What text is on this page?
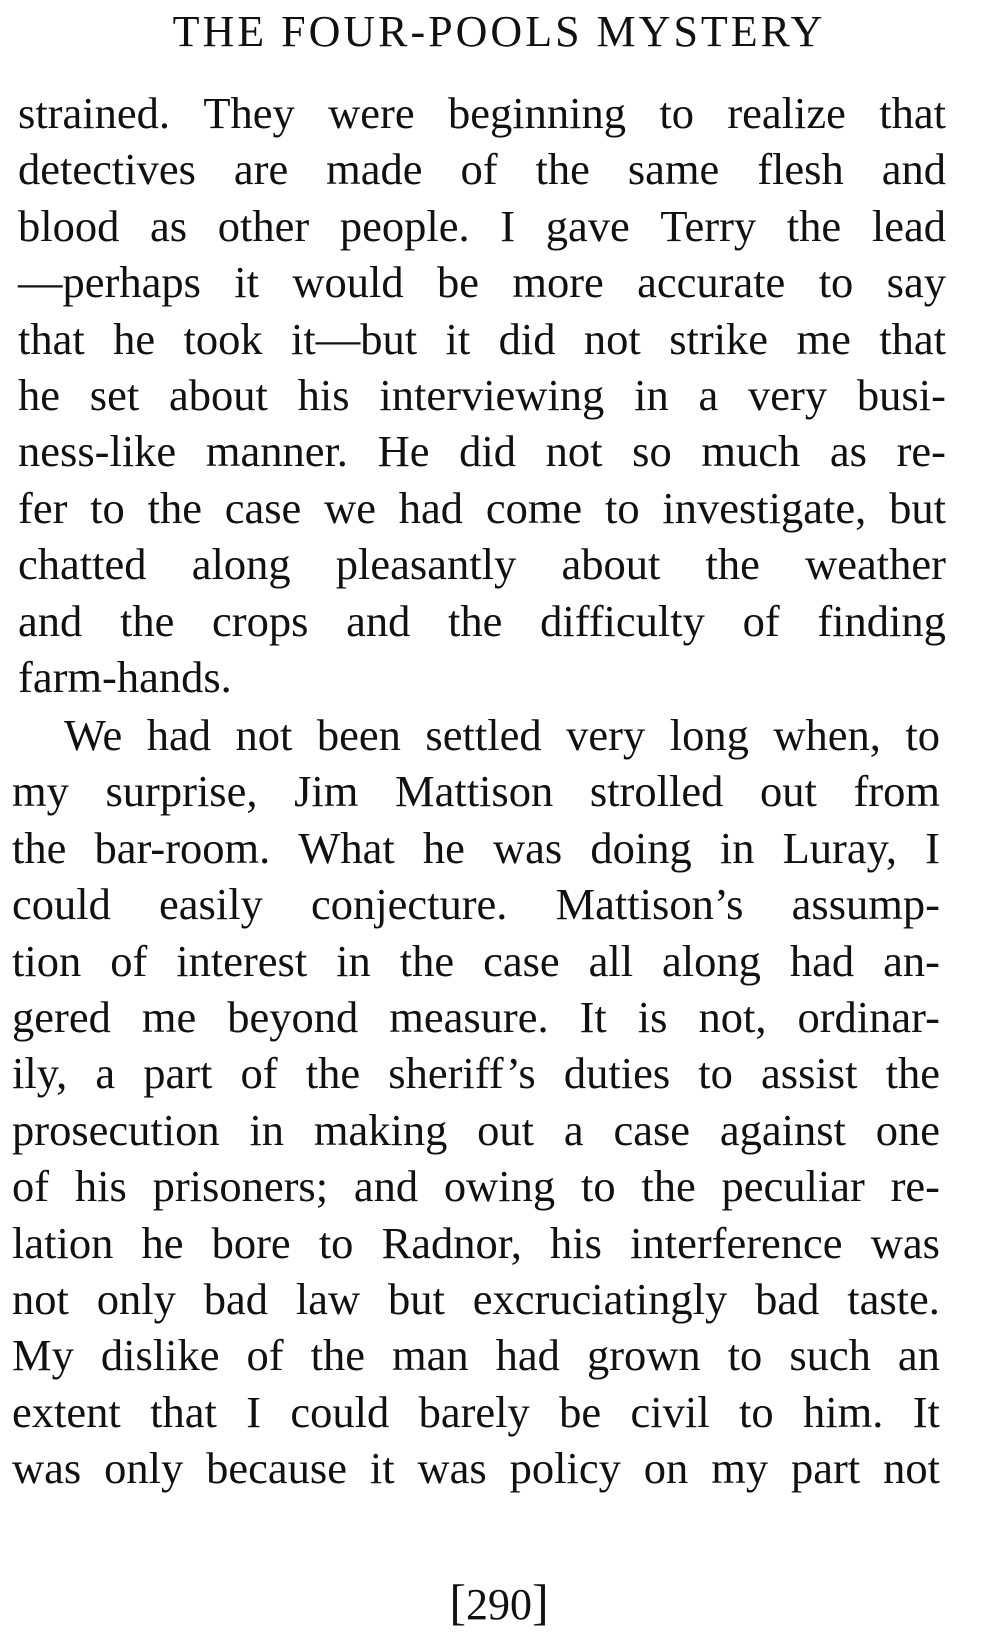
THE FOUR-POOLS MYSTERY
strained. They were beginning to realize that
detectives are made of the same flesh and
blood as other people. I gave Terry the lead
—perhaps it would be more accurate to say
that he took it—but it did not strike me that
he set about his interviewing in a very busi-
ness-like manner. He did not so much as re-
fer to the case we had come to investigate, but
chatted along pleasantly about the weather
and the crops and the difficulty of finding
farm-hands.
We had not been settled very long when, to
my surprise, Jim Mattison strolled out from
the bar-room. What he was doing in Luray, I
could easily conjecture. Mattison’s assump-
tion of interest in the case all along had an-
gered me beyond measure. It is not, ordinar-
ily, a part of the sheriff’s duties to assist the
prosecution in making out a case against one
of his prisoners; and owing to the peculiar re-
lation he bore to Radnor, his interference was
not only bad law but excruciatingly bad taste.
My dislike of the man had grown to such an
extent that I could barely be civil to him. It
was only because it was policy on my part not
[290]
